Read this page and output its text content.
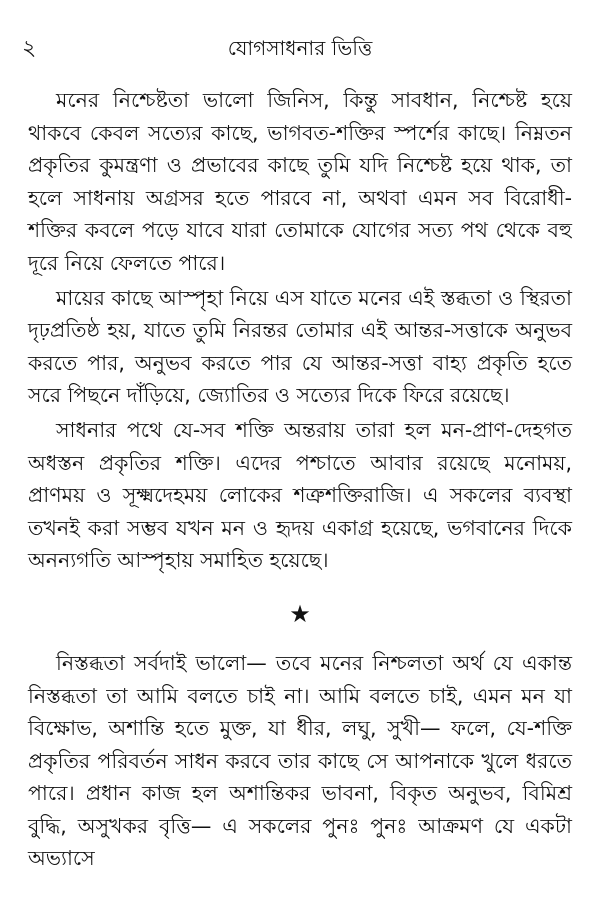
২	যোগসাধনার ভিত্তি

মনের নিশ্চেষ্টতা ভালো জিনিস, কিন্তু সাবধান, নিশ্চেষ্ট হয়ে থাকবে কেবল সত্যের কাছে, ভাগবত-শক্তির স্পর্শের কাছে। নিম্নতন প্রকৃতির কুমন্ত্রণা ও প্রভাবের কাছে তুমি যদি নিশ্চেষ্ট হয়ে থাক, তা হলে সাধনায় অগ্রসর হতে পারবে না, অথবা এমন সব বিরোধী-শক্তির কবলে পড়ে যাবে যারা তোমাকে যোগের সত্য পথ থেকে বহু দূরে নিয়ে ফেলতে পারে।

মায়ের কাছে আস্পৃহা নিয়ে এস যাতে মনের এই স্তব্ধতা ও স্থিরতা দৃঢ়প্রতিষ্ঠ হয়, যাতে তুমি নিরন্তর তোমার এই আন্তর-সত্তাকে অনুভব করতে পার, অনুভব করতে পার যে আন্তর-সত্তা বাহ্য প্রকৃতি হতে সরে পিছনে দাঁড়িয়ে, জ্যোতির ও সত্যের দিকে ফিরে রয়েছে।

সাধনার পথে যে-সব শক্তি অন্তরায় তারা হল মন-প্রাণ-দেহগত অধস্তন প্রকৃতির শক্তি। এদের পশ্চাতে আবার রয়েছে মনোময়, প্রাণময় ও সূক্ষ্মদেহময় লোকের শত্রুশক্তিরাজি। এ সকলের ব্যবস্থা তখনই করা সম্ভব যখন মন ও হৃদয় একাগ্র হয়েছে, ভগবানের দিকে অনন্যগতি আস্পৃহায় সমাহিত হয়েছে।

★

নিস্তব্ধতা সর্বদাই ভালো— তবে মনের নিশ্চলতা অর্থ যে একান্ত নিস্তব্ধতা তা আমি বলতে চাই না। আমি বলতে চাই, এমন মন যা বিক্ষোভ, অশান্তি হতে মুক্ত, যা ধীর, লঘু, সুখী— ফলে, যে-শক্তি প্রকৃতির পরিবর্তন সাধন করবে তার কাছে সে আপনাকে খুলে ধরতে পারে। প্রধান কাজ হল অশান্তিকর ভাবনা, বিকৃত অনুভব, বিমিশ্র বুদ্ধি, অসুখকর বৃত্তি— এ সকলের পুনঃ পুনঃ আক্রমণ যে একটা অভ্যাসে
